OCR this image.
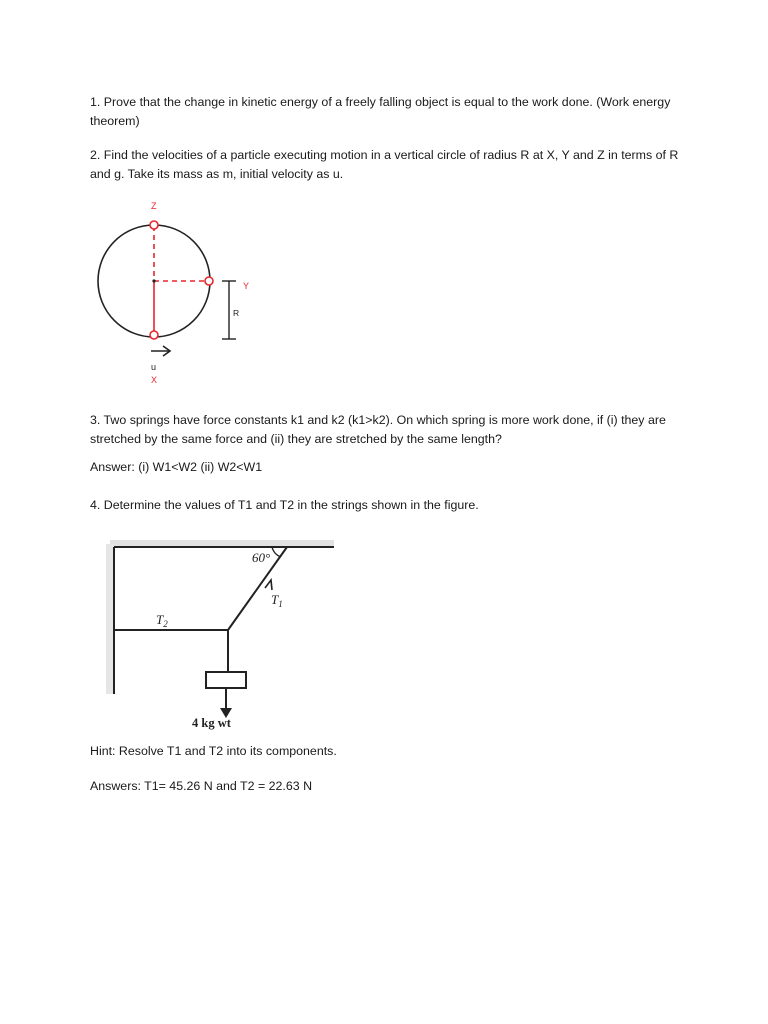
1. Prove that the change in kinetic energy of a freely falling object is equal to the work done. (Work energy theorem)

2. Find the velocities of a particle executing motion in a vertical circle of radius R at X, Y and Z in terms of R and g. Take its mass as m, initial velocity as u.

Z
Y
R
u
X

3. Two springs have force constants k1 and k2 (k1>k2). On which spring is more work done, if (i) they are stretched by the same force and (ii) they are stretched by the same length?

Answer: (i) W1<W2 (ii) W2<W1

4. Determine the values of T1 and T2 in the strings shown in the figure.

60°
$T_1$
$T_2$
4 kg wt

Hint: Resolve T1 and T2 into its components.

Answers: T1= 45.26 N and T2 = 22.63 N
